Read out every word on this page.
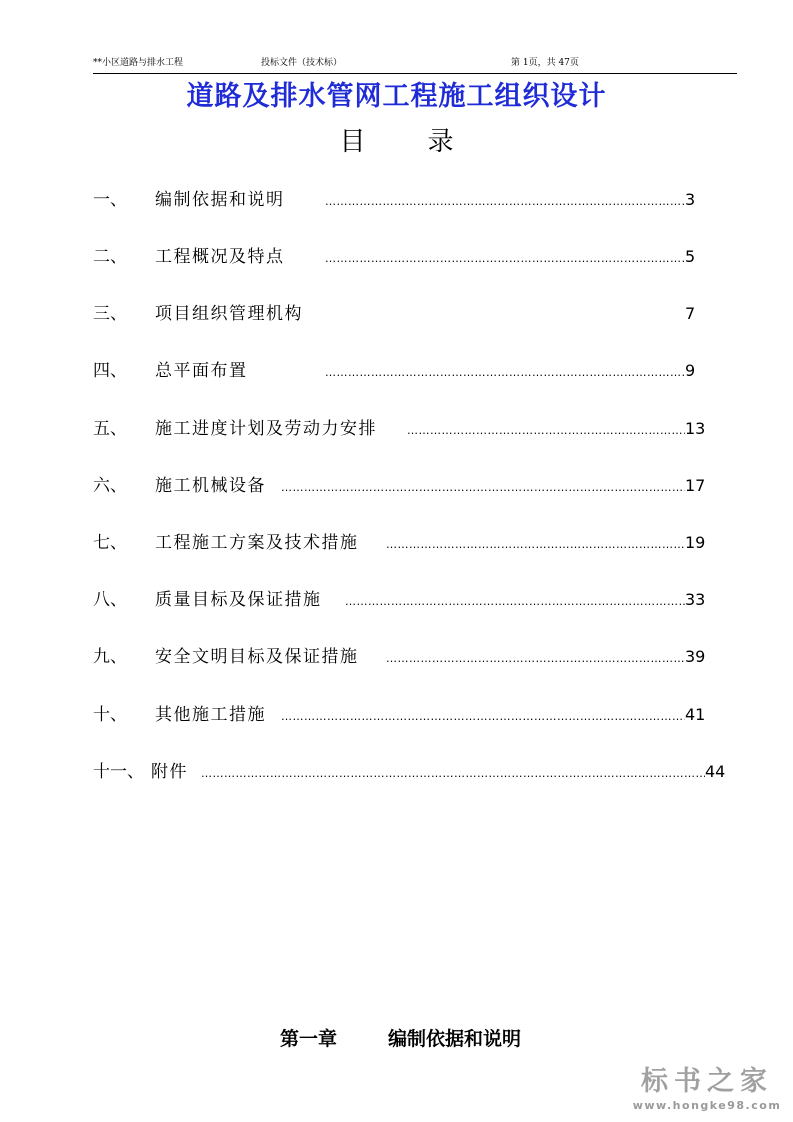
**小区道路与排水工程	投标文件（技术标）	第 1页，共 47页
道路及排水管网工程施工组织设计
目 录
一、 编制依据和说明 ……………………………………………………………………………………………………………………	3
二、 工程概况及特点 ……………………………………………………………………………………………………………………	5
三、 项目组织管理机构	7
四、 总平面布置 ……………………………………………………………………………………………………………………	9
五、 施工进度计划及劳动力安排 ……………………………………………………………………………………………………………………	13
六、 施工机械设备 ……………………………………………………………………………………………………………………	17
七、 工程施工方案及技术措施 ……………………………………………………………………………………………………………………	19
八、 质量目标及保证措施 ……………………………………………………………………………………………………………………	33
九、 安全文明目标及保证措施 ……………………………………………………………………………………………………………………	39
十、 其他施工措施 ……………………………………………………………………………………………………………………	41
十一、 附件 ……………………………………………………………………………………………………………………	44
第一章	编制依据和说明
标书之家
www.hongke98.com
